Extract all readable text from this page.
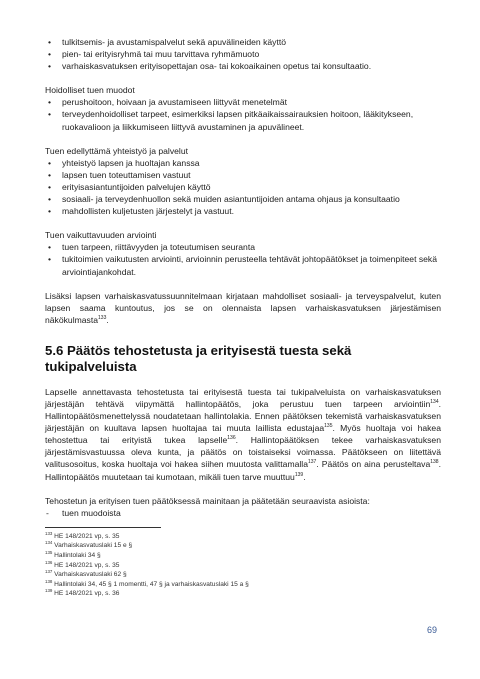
• tulkitsemis- ja avustamispalvelut sekä apuvälineiden käyttö
• pien- tai erityisryhmä tai muu tarvittava ryhmämuoto
• varhaiskasvatuksen erityisopettajan osa- tai kokoaikainen opetus tai konsultaatio.

Hoidolliset tuen muodot

• perushoitoon, hoivaan ja avustamiseen liittyvät menetelmät
• terveydenhoidolliset tarpeet, esimerkiksi lapsen pitkäaikaissairauksien hoitoon, lääkitykseen, ruokavalioon ja liikkumiseen liittyvä avustaminen ja apuvälineet.

Tuen edellyttämä yhteistyö ja palvelut

• yhteistyö lapsen ja huoltajan kanssa
• lapsen tuen toteuttamisen vastuut
• erityisasiantuntijoiden palvelujen käyttö
• sosiaali- ja terveydenhuollon sekä muiden asiantuntijoiden antama ohjaus ja konsultaatio
• mahdollisten kuljetusten järjestelyt ja vastuut.

Tuen vaikuttavuuden arviointi

• tuen tarpeen, riittävyyden ja toteutumisen seuranta
• tukitoimien vaikutusten arviointi, arvioinnin perusteella tehtävät johtopäätökset ja toimenpiteet sekä arviointiajankohdat.

Lisäksi lapsen varhaiskasvatussuunnitelmaan kirjataan mahdolliset sosiaali- ja terveyspalvelut, kuten lapsen saama kuntoutus, jos se on olennaista lapsen varhaiskasvatuksen järjestämisen näkökulmasta$^{133}$.

5.6 Päätös tehostetusta ja erityisestä tuesta sekä tukipalveluista

Lapselle annettavasta tehostetusta tai erityisestä tuesta tai tukipalveluista on varhaiskasvatuksen järjestäjän tehtävä viipymättä hallintopäätös, joka perustuu tuen tarpeen arviointiin$^{134}$. Hallintopäätösmenettelyssä noudatetaan hallintolakia. Ennen päätöksen tekemistä varhaiskasvatuksen järjestäjän on kuultava lapsen huoltajaa tai muuta laillista edustajaa$^{135}$. Myös huoltaja voi hakea tehostettua tai erityistä tukea lapselle$^{136}$. Hallintopäätöksen tekee varhaiskasvatuksen järjestämisvastuussa oleva kunta, ja päätös on toistaiseksi voimassa. Päätökseen on liitettävä valitusosoitus, koska huoltaja voi hakea siihen muutosta valittamalla$^{137}$. Päätös on aina perusteltava$^{138}$. Hallintopäätös muutetaan tai kumotaan, mikäli tuen tarve muuttuu$^{139}$.

Tehostetun ja erityisen tuen päätöksessä mainitaan ja päätetään seuraavista asioista:

- tuen muodoista

$^{133}$ HE 148/2021 vp, s. 35

$^{134}$ Varhaiskasvatuslaki 15 e §

$^{135}$ Hallintolaki 34 §

$^{136}$ HE 148/2021 vp, s. 35

$^{137}$ Varhaiskasvatuslaki 62 §

$^{138}$ Hallintolaki 34, 45 § 1 momentti, 47 § ja varhaiskasvatuslaki 15 a §

$^{139}$ HE 148/2021 vp, s. 36

69
